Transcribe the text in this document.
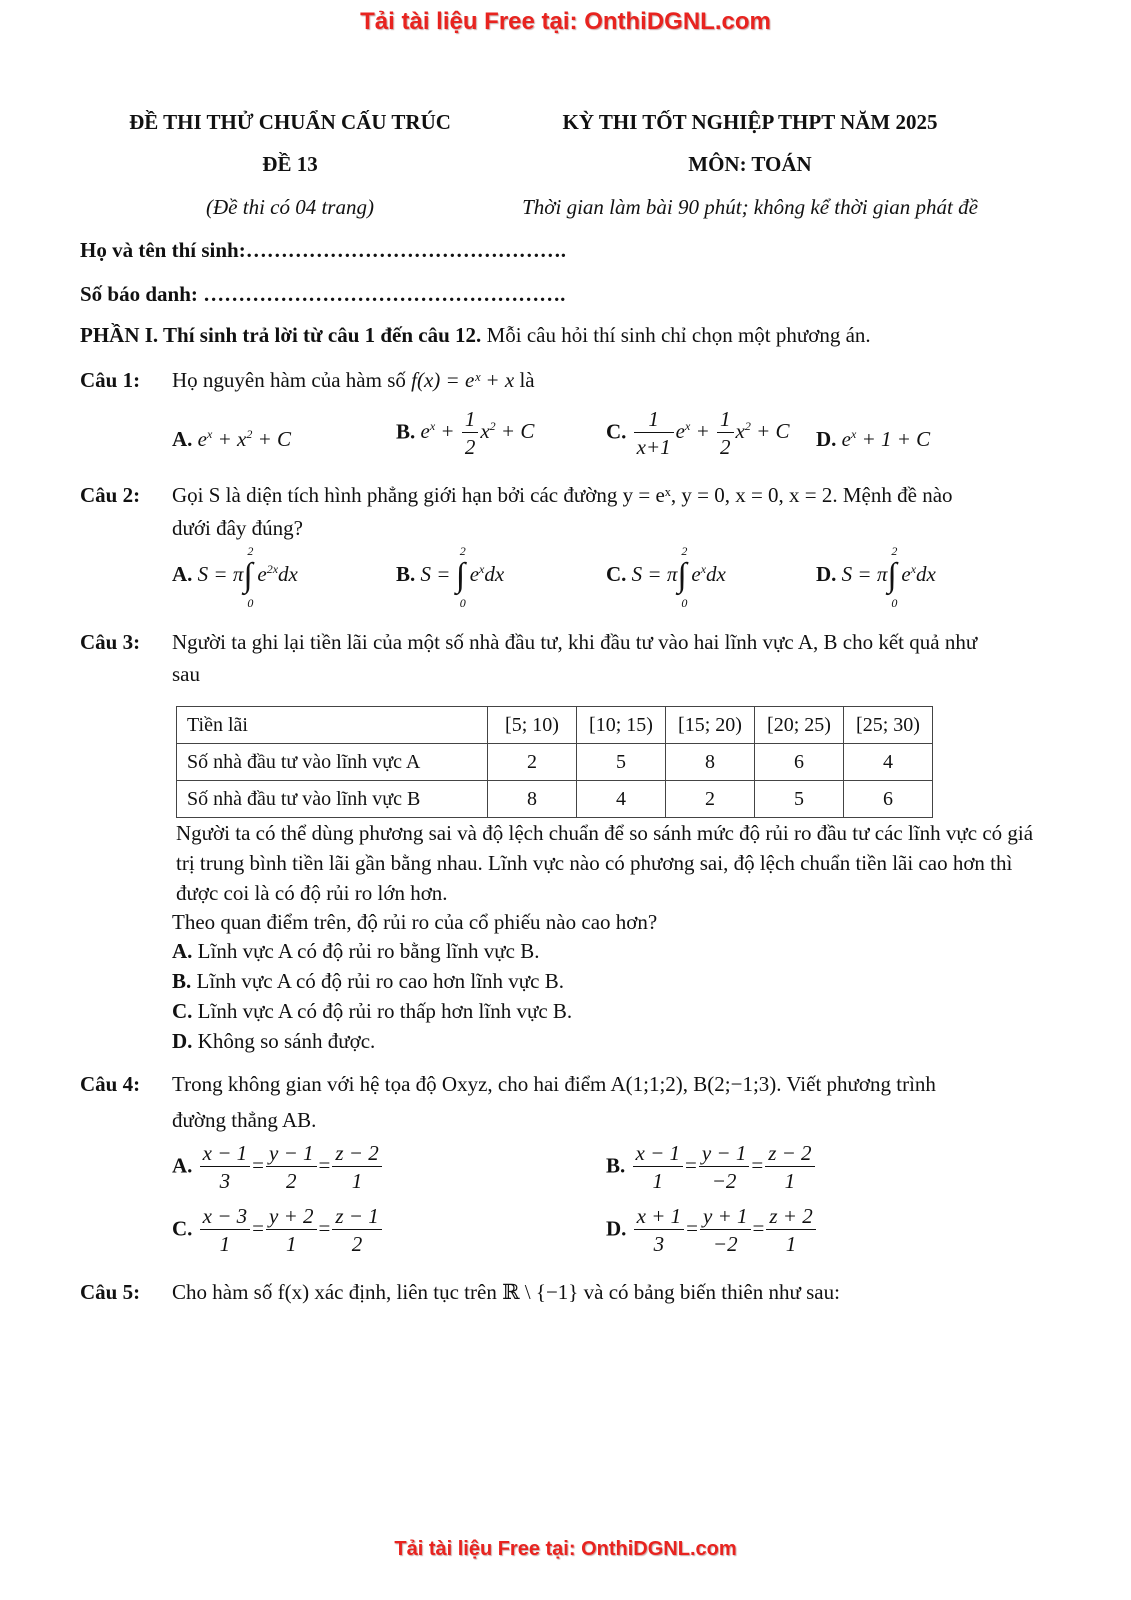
Tải tài liệu Free tại: OnthiDGNL.com
Tải tài liệu Free tại: OnthiDGNL.com
ĐỀ THI THỬ CHUẨN CẤU TRÚC
ĐỀ 13
(Đề thi có 04 trang)
KỲ THI TỐT NGHIỆP THPT NĂM 2025
MÔN: TOÁN
Thời gian làm bài 90 phút; không kể thời gian phát đề
Họ và tên thí sinh:……………………………………….
Số báo danh: …………………………………………….
PHẦN I. Thí sinh trả lời từ câu 1 đến câu 12. Mỗi câu hỏi thí sinh chỉ chọn một phương án.
Câu 1: Họ nguyên hàm của hàm số f(x) = eˣ + x là
A. $e^x + x^2 + C$	B. $e^x + \frac{1}{2} x^2 + C$	C. $\frac{1}{x+1} e^x + \frac{1}{2} x^2 + C$ D. $e^x + 1 + C$
Câu 2: Gọi S là diện tích hình phẳng giới hạn bởi các đường y = eˣ, y = 0, x = 0, x = 2. Mệnh đề nào
dưới đây đúng?
A. S = π
2
∫
0
$e^{2x}dx$	B. S =
2
∫
0
$e^xdx$	C. S = π
2
∫
0
$e^xdx$	D. S = π
2
∫
0
$e^xdx$
Câu 3: Người ta ghi lại tiền lãi của một số nhà đầu tư, khi đầu tư vào hai lĩnh vực A, B cho kết quả như
sau
Tiền lãi	[5; 10)	[10; 15)	[15; 20)	[20; 25)	[25; 30)
Số nhà đầu tư vào lĩnh vực A	2	5	8	6	4
Số nhà đầu tư vào lĩnh vực B	8	4	2	5	6
Người ta có thể dùng phương sai và độ lệch chuẩn để so sánh mức độ rủi ro đầu tư các lĩnh vực có giá trị trung bình tiền lãi gần bằng nhau. Lĩnh vực nào có phương sai, độ lệch chuẩn tiền lãi cao hơn thì được coi là có độ rủi ro lớn hơn.
Theo quan điểm trên, độ rủi ro của cổ phiếu nào cao hơn?
A. Lĩnh vực A có độ rủi ro bằng lĩnh vực B.
B. Lĩnh vực A có độ rủi ro cao hơn lĩnh vực B.
C. Lĩnh vực A có độ rủi ro thấp hơn lĩnh vực B.
D. Không so sánh được.
Câu 4: Trong không gian với hệ tọa độ Oxyz, cho hai điểm A(1;1;2), B(2;−1;3). Viết phương trình
đường thẳng AB.
A. $\frac{x - 1}{3} = \frac{y - 1}{2} = \frac{z - 2}{1}$	B. $\frac{x - 1}{1} = \frac{y - 1}{-2} = \frac{z - 2}{1}$
C. $\frac{x - 3}{1} = \frac{y + 2}{1} = \frac{z - 1}{2}$	D. $\frac{x + 1}{3} = \frac{y + 1}{-2} = \frac{z + 2}{1}$
Câu 5: Cho hàm số f(x) xác định, liên tục trên ℝ \ {−1} và có bảng biến thiên như sau:
